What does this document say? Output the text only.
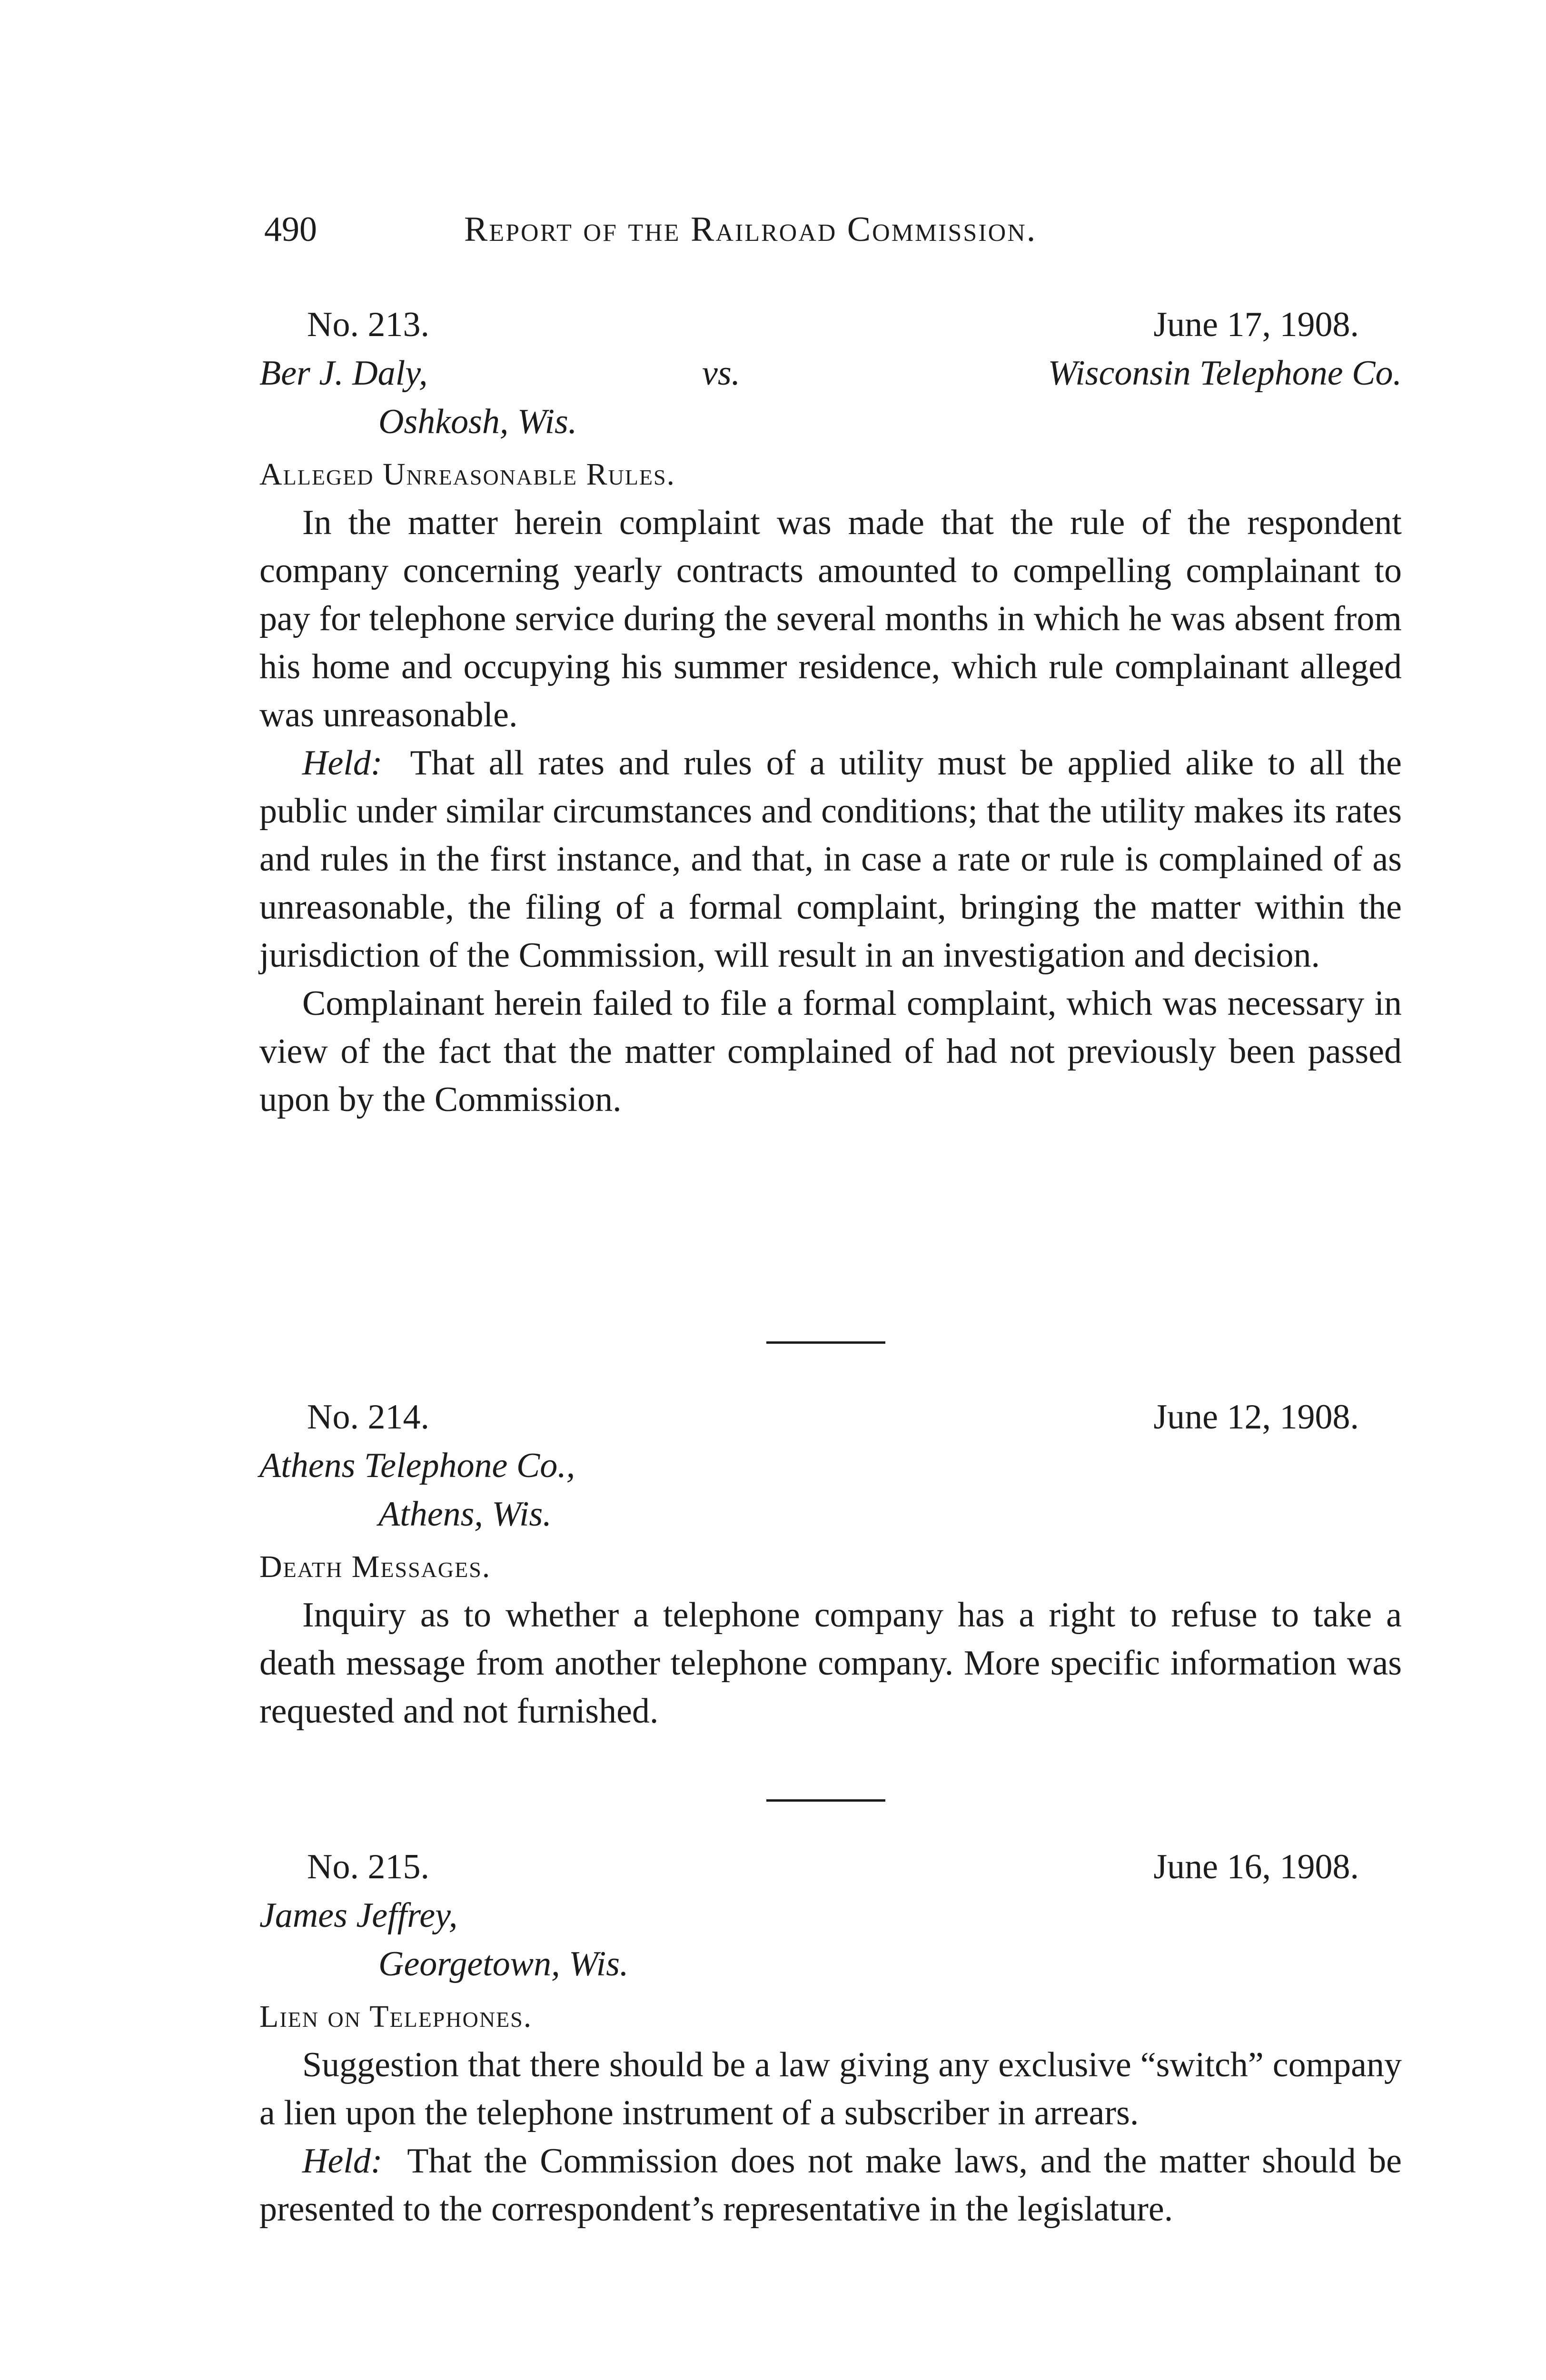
490	Report of the Railroad Commission.
No. 213.	June 17, 1908.
Ber J. Daly,	vs.	Wisconsin Telephone Co.
Oshkosh, Wis.
Alleged Unreasonable Rules.

In the matter herein complaint was made that the rule of the respondent company concerning yearly contracts amounted to compelling complainant to pay for telephone service during the several months in which he was absent from his home and occupying his summer residence, which rule complainant alleged was unreasonable.

Held: That all rates and rules of a utility must be applied alike to all the public under similar circumstances and conditions; that the utility makes its rates and rules in the first instance, and that, in case a rate or rule is complained of as unreasonable, the filing of a formal complaint, bringing the matter within the jurisdiction of the Commission, will result in an investigation and decision.

Complainant herein failed to file a formal complaint, which was necessary in view of the fact that the matter complained of had not previously been passed upon by the Commission.

No. 214.	June 12, 1908.
Athens Telephone Co.,
Athens, Wis.
Death Messages.

Inquiry as to whether a telephone company has a right to refuse to take a death message from another telephone company. More specific information was requested and not furnished.

No. 215.	June 16, 1908.
James Jeffrey,
Georgetown, Wis.
Lien on Telephones.

Suggestion that there should be a law giving any exclusive “switch” company a lien upon the telephone instrument of a subscriber in arrears.

Held: That the Commission does not make laws, and the matter should be presented to the correspondent’s representative in the legislature.
